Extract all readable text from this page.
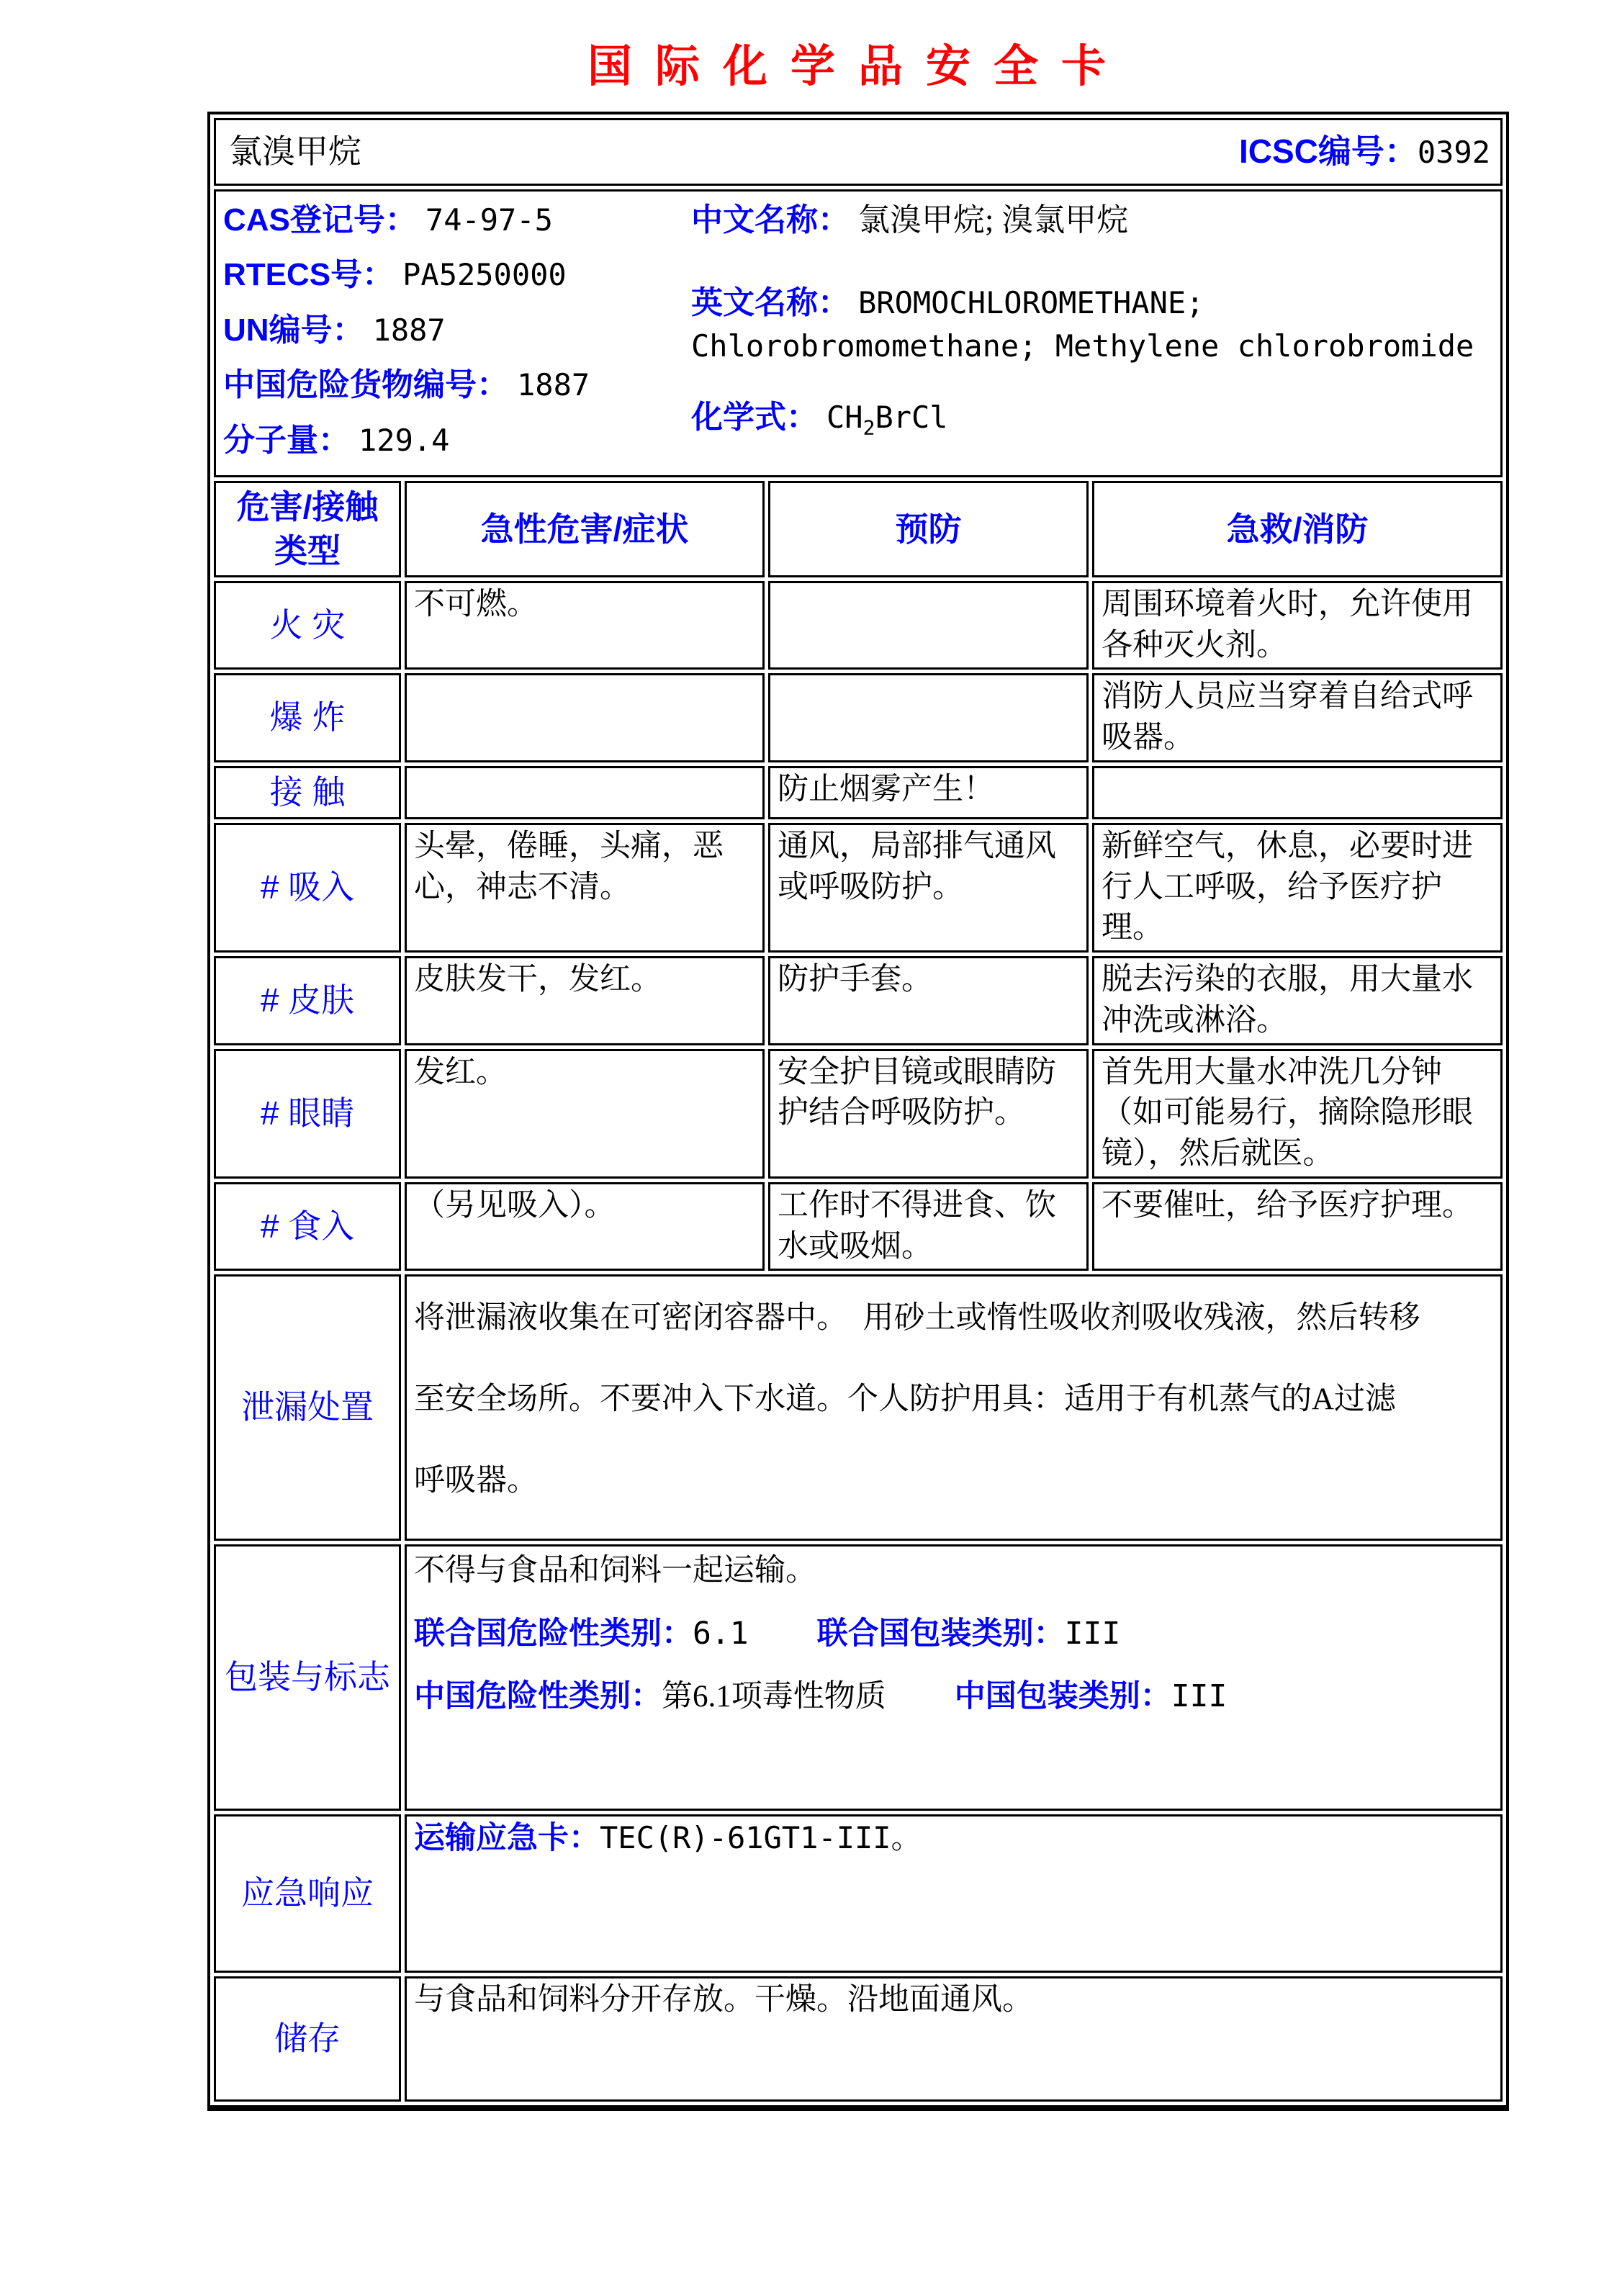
国际化学品安全卡
氯溴甲烷 ICSC编号：0392			

CAS登记号： 74-97-5
RTECS号： PA5250000
UN编号： 1887
中国危险货物编号： 1887
分子量： 129.4
中文名称： 氯溴甲烷; 溴氯甲烷
英文名称： BROMOCHLOROMETHANE; Chlorobromomethane; Methylene chlorobromide
化学式： $CH_2BrCl$

危害/接触
类型	急性危害/症状	预防	急救/消防
火 灾	不可燃。		周围环境着火时，允许使用各种灭火剂。
爆 炸			消防人员应当穿着自给式呼吸器。
接 触		防止烟雾产生！	
# 吸入	头晕，倦睡，头痛，恶心，神志不清。	通风，局部排气通风或呼吸防护。	新鲜空气，休息，必要时进行人工呼吸，给予医疗护理。
# 皮肤	皮肤发干，发红。	防护手套。	脱去污染的衣服，用大量水冲洗或淋浴。
# 眼睛	发红。	安全护目镜或眼睛防护结合呼吸防护。	首先用大量水冲洗几分钟（如可能易行，摘除隐形眼镜），然后就医。
# 食入	（另见吸入）。	工作时不得进食、饮水或吸烟。	不要催吐，给予医疗护理。
泄漏处置	将泄漏液收集在可密闭容器中。　用砂土或惰性吸收剂吸收残液，然后转移至安全场所。不要冲入下水道。个人防护用具：适用于有机蒸气的A过滤呼吸器。		

包装与标志	不得与食品和饲料一起运输。
联合国危险性类别：6.1 联合国包装类别：III
中国危险性类别：第6.1项毒性物质 中国包装类别：III		

应急响应	运输应急卡：TEC(R)-61GT1-III。		
储存	与食品和饲料分开存放。干燥。沿地面通风。		
